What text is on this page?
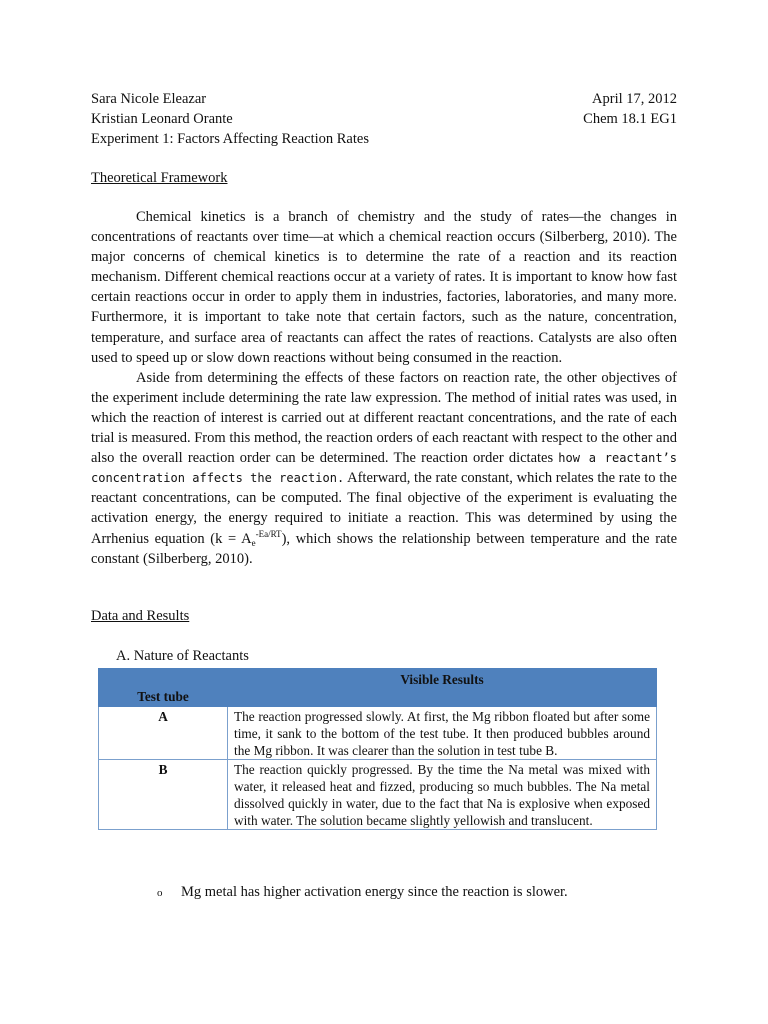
Sara Nicole Eleazar	April 17, 2012
Kristian Leonard Orante	Chem 18.1 EG1
Experiment 1: Factors Affecting Reaction Rates
Theoretical Framework

Chemical kinetics is a branch of chemistry and the study of rates—the changes in concentrations of reactants over time—at which a chemical reaction occurs (Silberberg, 2010). The major concerns of chemical kinetics is to determine the rate of a reaction and its reaction mechanism. Different chemical reactions occur at a variety of rates. It is important to know how fast certain reactions occur in order to apply them in industries, factories, laboratories, and many more. Furthermore, it is important to take note that certain factors, such as the nature, concentration, temperature, and surface area of reactants can affect the rates of reactions. Catalysts are also often used to speed up or slow down reactions without being consumed in the reaction.

Aside from determining the effects of these factors on reaction rate, the other objectives of the experiment include determining the rate law expression. The method of initial rates was used, in which the reaction of interest is carried out at different reactant concentrations, and the rate of each trial is measured. From this method, the reaction orders of each reactant with respect to the other and also the overall reaction order can be determined. The reaction order dictates how a reactant’s concentration affects the reaction. Afterward, the rate constant, which relates the rate to the reactant concentrations, can be computed. The final objective of the experiment is evaluating the activation energy, the energy required to initiate a reaction. This was determined by using the Arrhenius equation $(k = A_e^{-Ea/RT})$, which shows the relationship between temperature and the rate constant (Silberberg, 2010).

Data and Results
A. Nature of Reactants
Test tube	Visible Results
A	The reaction progressed slowly. At first, the Mg ribbon floated but after some time, it sank to the bottom of the test tube. It then produced bubbles around the Mg ribbon. It was clearer than the solution in test tube B.
B	The reaction quickly progressed. By the time the Na metal was mixed with water, it released heat and fizzed, producing so much bubbles. The Na metal dissolved quickly in water, due to the fact that Na is explosive when exposed with water. The solution became slightly yellowish and translucent.
o Mg metal has higher activation energy since the reaction is slower.
